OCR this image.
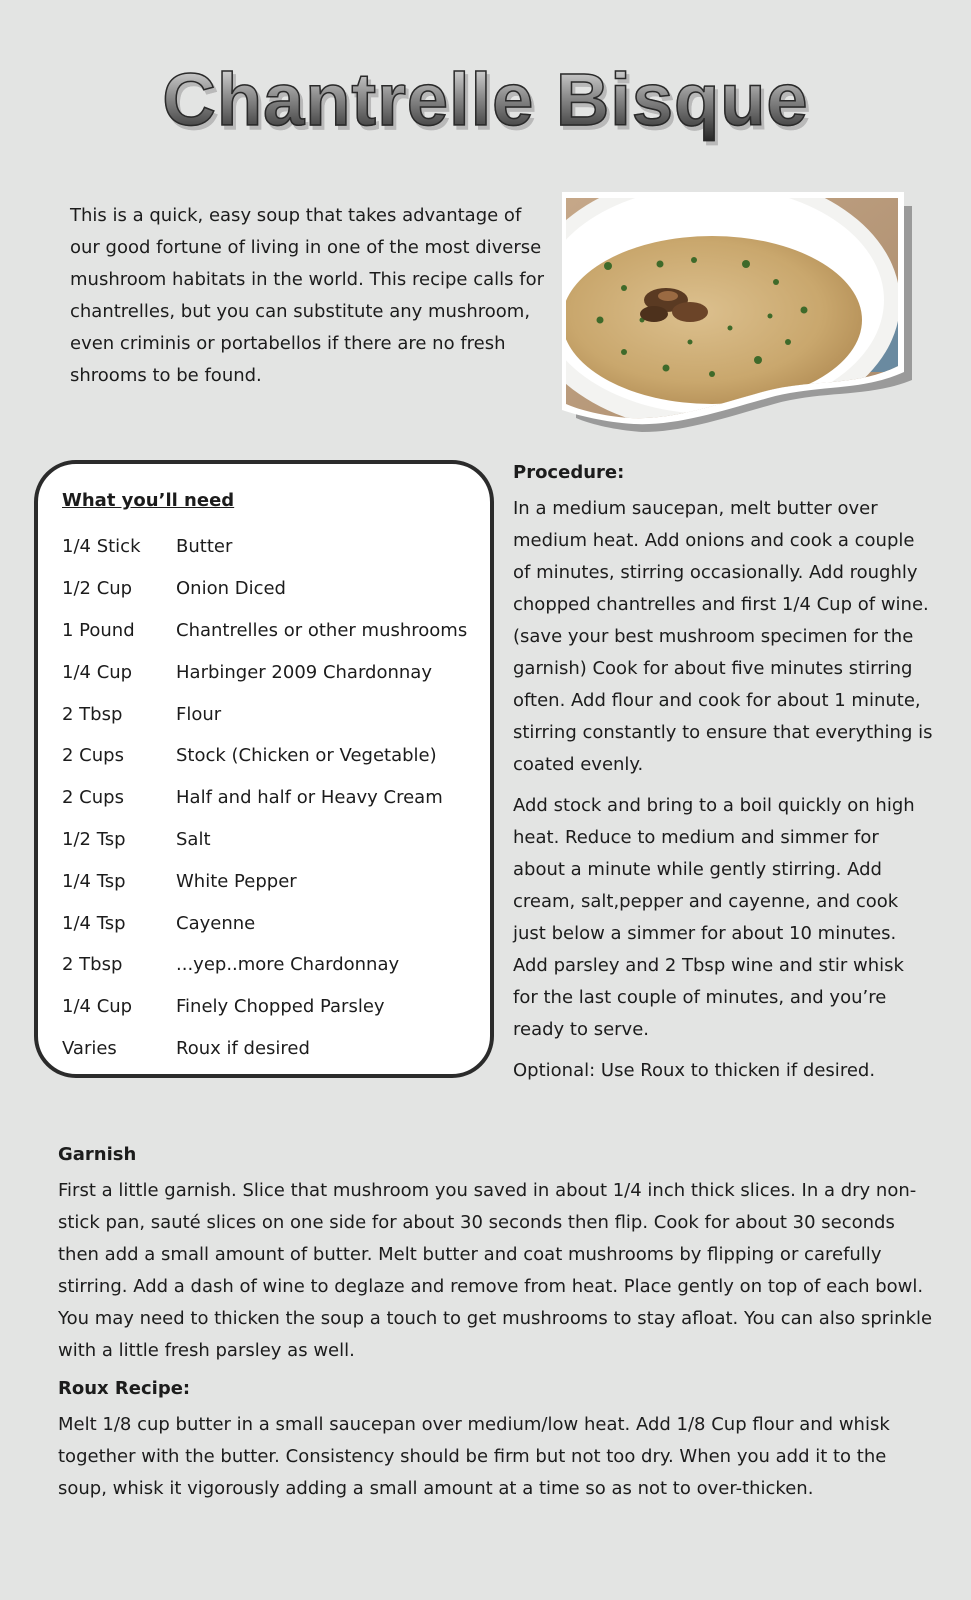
Chantrelle Bisque

This is a quick, easy soup that takes advantage of our good fortune of living in one of the most diverse mushroom habitats in the world. This recipe calls for chantrelles, but you can substitute any mushroom, even criminis or portabellos if there are no fresh shrooms to be found.

What you’ll need
1/4 Stick	Butter
1/2 Cup	Onion Diced
1 Pound	Chantrelles or other mushrooms
1/4 Cup	Harbinger 2009 Chardonnay
2 Tbsp	Flour
2 Cups	Stock (Chicken or Vegetable)
2 Cups	Half and half or Heavy Cream
1/2 Tsp	Salt
1/4 Tsp	White Pepper
1/4 Tsp	Cayenne
2 Tbsp	...yep..more Chardonnay
1/4 Cup	Finely Chopped Parsley
Varies	Roux if desired
Procedure:

In a medium saucepan, melt butter over medium heat. Add onions and cook a couple of minutes, stirring occasionally. Add roughly chopped chantrelles and first 1/4 Cup of wine. (save your best mushroom specimen for the garnish) Cook for about five minutes stirring often. Add flour and cook for about 1 minute, stirring constantly to ensure that everything is coated evenly.

Add stock and bring to a boil quickly on high heat. Reduce to medium and simmer for about a minute while gently stirring. Add cream, salt,pepper and cayenne, and cook just below a simmer for about 10 minutes. Add parsley and 2 Tbsp wine and stir whisk for the last couple of minutes, and you’re ready to serve.

Optional: Use Roux to thicken if desired.

Garnish

First a little garnish. Slice that mushroom you saved in about 1/4 inch thick slices. In a dry non-stick pan, sauté slices on one side for about 30 seconds then flip. Cook for about 30 seconds then add a small amount of butter. Melt butter and coat mushrooms by flipping or carefully stirring. Add a dash of wine to deglaze and remove from heat. Place gently on top of each bowl. You may need to thicken the soup a touch to get mushrooms to stay afloat. You can also sprinkle with a little fresh parsley as well.

Roux Recipe:

Melt 1/8 cup butter in a small saucepan over medium/low heat. Add 1/8 Cup flour and whisk together with the butter. Consistency should be firm but not too dry. When you add it to the soup, whisk it vigorously adding a small amount at a time so as not to over-thicken.
